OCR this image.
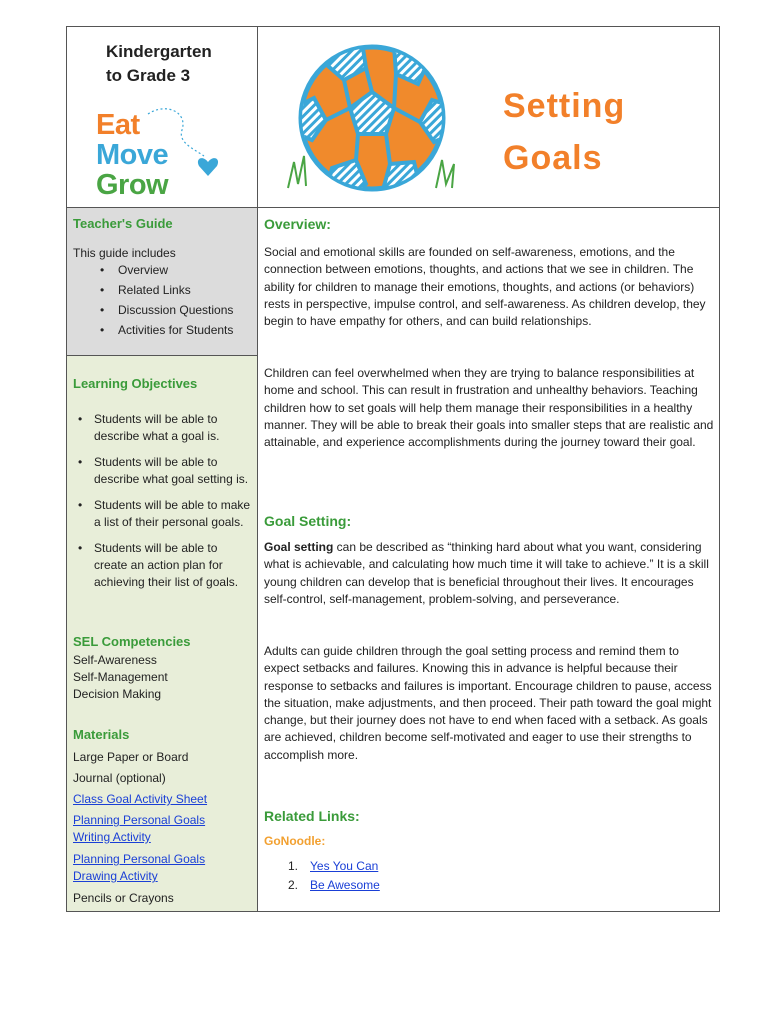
Kindergarten
to Grade 3
Eat
Move
Grow
Setting
Goals
Teacher's Guide
This guide includes
• Overview
• Related Links
• Discussion Questions
• Activities for Students
Learning Objectives
• Students will be able to describe what a goal is.
• Students will be able to describe what goal setting is.
• Students will be able to make a list of their personal goals.
• Students will be able to create an action plan for achieving their list of goals.
SEL Competencies
Self-Awareness
Self-Management
Decision Making
Materials
Large Paper or Board
Journal (optional)
Class Goal Activity Sheet
Planning Personal Goals
Writing Activity
Planning Personal Goals
Drawing Activity
Pencils or Crayons
Overview:
Social and emotional skills are founded on self-awareness, emotions, and the connection between emotions, thoughts, and actions that we see in children. The ability for children to manage their emotions, thoughts, and actions (or behaviors) rests in perspective, impulse control, and self-awareness. As children develop, they begin to have empathy for others, and can build relationships.
Children can feel overwhelmed when they are trying to balance responsibilities at home and school. This can result in frustration and unhealthy behaviors. Teaching children how to set goals will help them manage their responsibilities in a healthy manner. They will be able to break their goals into smaller steps that are realistic and attainable, and experience accomplishments during the journey toward their goal.
Goal Setting:
Goal setting can be described as “thinking hard about what you want, considering what is achievable, and calculating how much time it will take to achieve.” It is a skill young children can develop that is beneficial throughout their lives. It encourages self-control, self-management, problem-solving, and perseverance.
Adults can guide children through the goal setting process and remind them to expect setbacks and failures. Knowing this in advance is helpful because their response to setbacks and failures is important. Encourage children to pause, access the situation, make adjustments, and then proceed. Their path toward the goal might change, but their journey does not have to end when faced with a setback. As goals are achieved, children become self-motivated and eager to use their strengths to accomplish more.
Related Links:
GoNoodle:
1. Yes You Can
2. Be Awesome
